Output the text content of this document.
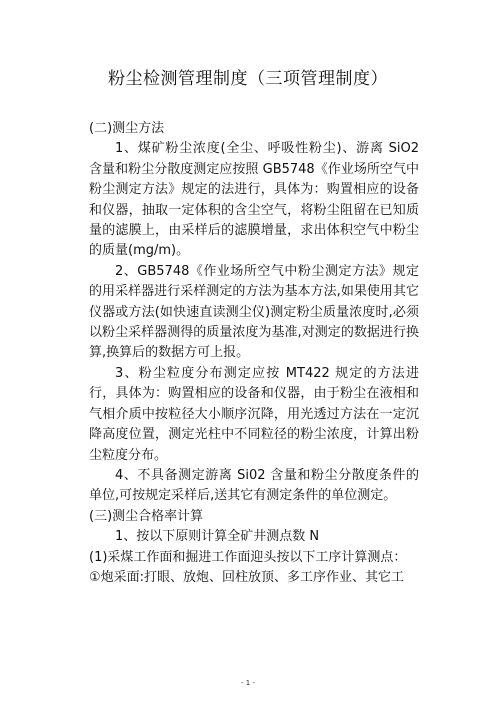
粉尘检测管理制度（三项管理制度）

(二)测尘方法

1、煤矿粉尘浓度(全尘、呼吸性粉尘)、游离 SiO2 含量和粉尘分散度测定应按照 GB5748《作业场所空气中粉尘测定方法》规定的法进行，具体为：购置相应的设备和仪器，抽取一定体积的含尘空气，将粉尘阻留在已知质量的滤膜上，由采样后的滤膜增量，求出体积空气中粉尘的质量(mg/m)。

2、GB5748《作业场所空气中粉尘测定方法》规定的用采样器进行采样测定的方法为基本方法,如果使用其它仪器或方法(如快速直读测尘仪)测定粉尘质量浓度时,必须以粉尘采样器测得的质量浓度为基准,对测定的数据进行换算,换算后的数据方可上报。

3、粉尘粒度分布测定应按 MT422 规定的方法进行，具体为：购置相应的设备和仪器，由于粉尘在液相和气相介质中按粒径大小顺序沉降，用光透过方法在一定沉降高度位置，测定光柱中不同粒径的粉尘浓度，计算出粉尘粒度分布。

4、不具备测定游离 Si02 含量和粉尘分散度条件的单位,可按规定采样后,送其它有测定条件的单位测定。

(三)测尘合格率计算

1、按以下原则计算全矿井测点数 N

(1)采煤工作面和掘进工作面迎头按以下工序计算测点：

①炮采面:打眼、放炮、回柱放顶、多工序作业、其它工

- 1 -
